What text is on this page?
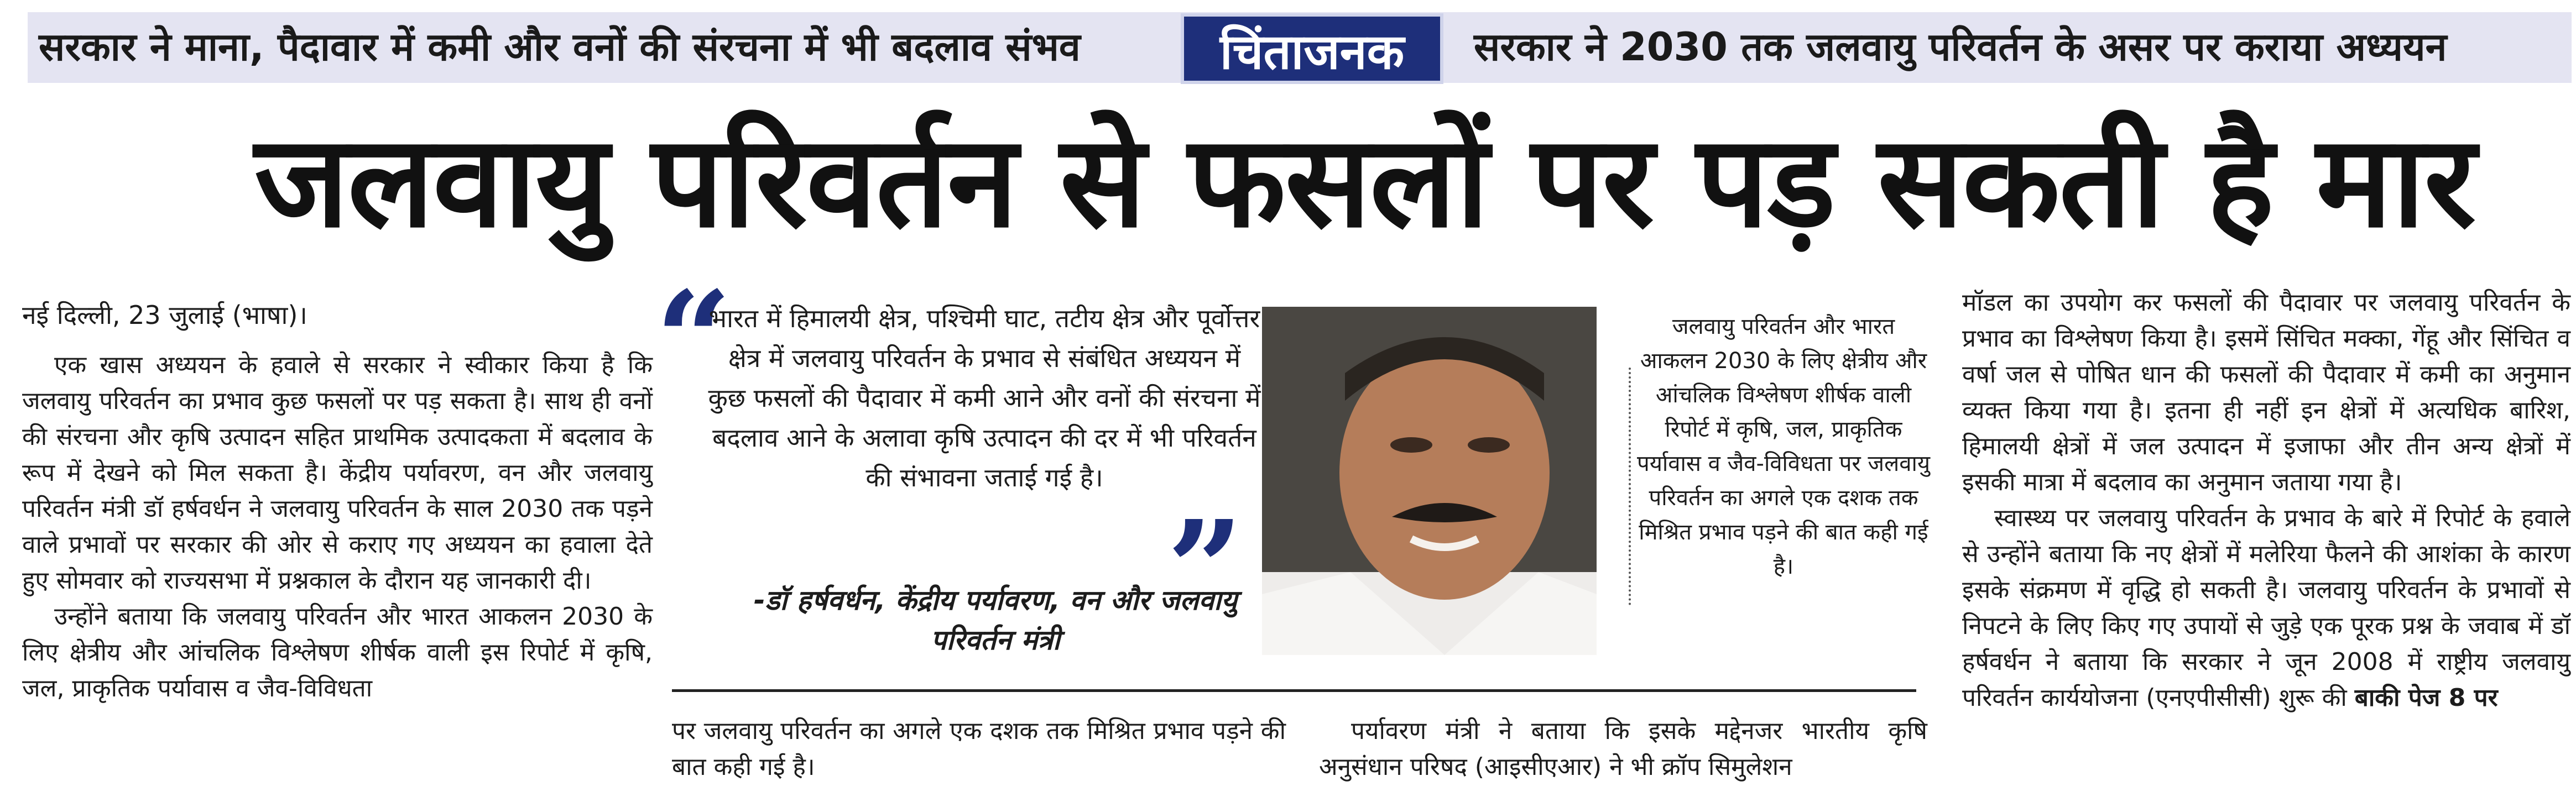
सरकार ने माना, पैदावार में कमी और वनों की संरचना में भी बदलाव संभव	चिंताजनक	सरकार ने 2030 तक जलवायु परिवर्तन के असर पर कराया अध्ययन
जलवायु परिवर्तन से फसलों पर पड़ सकती है मार
नई दिल्ली, 23 जुलाई (भाषा)।

एक खास अध्ययन के हवाले से सरकार ने स्वीकार किया है कि जलवायु परिवर्तन का प्रभाव कुछ फसलों पर पड़ सकता है। साथ ही वनों की संरचना और कृषि उत्पादन सहित प्राथमिक उत्पादकता में बदलाव के रूप में देखने को मिल सकता है। केंद्रीय पर्यावरण, वन और जलवायु परिवर्तन मंत्री डॉ हर्षवर्धन ने जलवायु परिवर्तन के साल 2030 तक पड़ने वाले प्रभावों पर सरकार की ओर से कराए गए अध्ययन का हवाला देते हुए सोमवार को राज्यसभा में प्रश्नकाल के दौरान यह जानकारी दी।

उन्होंने बताया कि जलवायु परिवर्तन और भारत आकलन 2030 के लिए क्षेत्रीय और आंचलिक विश्लेषण शीर्षक वाली इस रिपोर्ट में कृषि, जल, प्राकृतिक पर्यावास व जैव-विविधता

“
भारत में हिमालयी क्षेत्र, पश्चिमी घाट, तटीय क्षेत्र और पूर्वोत्तर क्षेत्र में जलवायु परिवर्तन के प्रभाव से संबंधित अध्ययन में कुछ फसलों की पैदावार में कमी आने और वनों की संरचना में बदलाव आने के अलावा कृषि उत्पादन की दर में भी परिवर्तन की संभावना जताई गई है।
”
-डॉ हर्षवर्धन, केंद्रीय पर्यावरण, वन और जलवायु परिवर्तन मंत्री
जलवायु परिवर्तन और भारत आकलन 2030 के लिए क्षेत्रीय और आंचलिक विश्लेषण शीर्षक वाली रिपोर्ट में कृषि, जल, प्राकृतिक पर्यावास व जैव-विविधता पर जलवायु परिवर्तन का अगले एक दशक तक मिश्रित प्रभाव पड़ने की बात कही गई है।

पर जलवायु परिवर्तन का अगले एक दशक तक मिश्रित प्रभाव पड़ने की बात कही गई है।

पर्यावरण मंत्री ने बताया कि इसके मद्देनजर भारतीय कृषि अनुसंधान परिषद (आइसीएआर) ने भी क्रॉप सिमुलेशन

मॉडल का उपयोग कर फसलों की पैदावार पर जलवायु परिवर्तन के प्रभाव का विश्लेषण किया है। इसमें सिंचित मक्का, गेंहू और सिंचित व वर्षा जल से पोषित धान की फसलों की पैदावार में कमी का अनुमान व्यक्त किया गया है। इतना ही नहीं इन क्षेत्रों में अत्यधिक बारिश, हिमालयी क्षेत्रों में जल उत्पादन में इजाफा और तीन अन्य क्षेत्रों में इसकी मात्रा में बदलाव का अनुमान जताया गया है।

स्वास्थ्य पर जलवायु परिवर्तन के प्रभाव के बारे में रिपोर्ट के हवाले से उन्होंने बताया कि नए क्षेत्रों में मलेरिया फैलने की आशंका के कारण इसके संक्रमण में वृद्धि हो सकती है। जलवायु परिवर्तन के प्रभावों से निपटने के लिए किए गए उपायों से जुड़े एक पूरक प्रश्न के जवाब में डॉ हर्षवर्धन ने बताया कि सरकार ने जून 2008 में राष्ट्रीय जलवायु परिवर्तन कार्ययोजना (एनएपीसीसी) शुरू की बाकी पेज 8 पर
